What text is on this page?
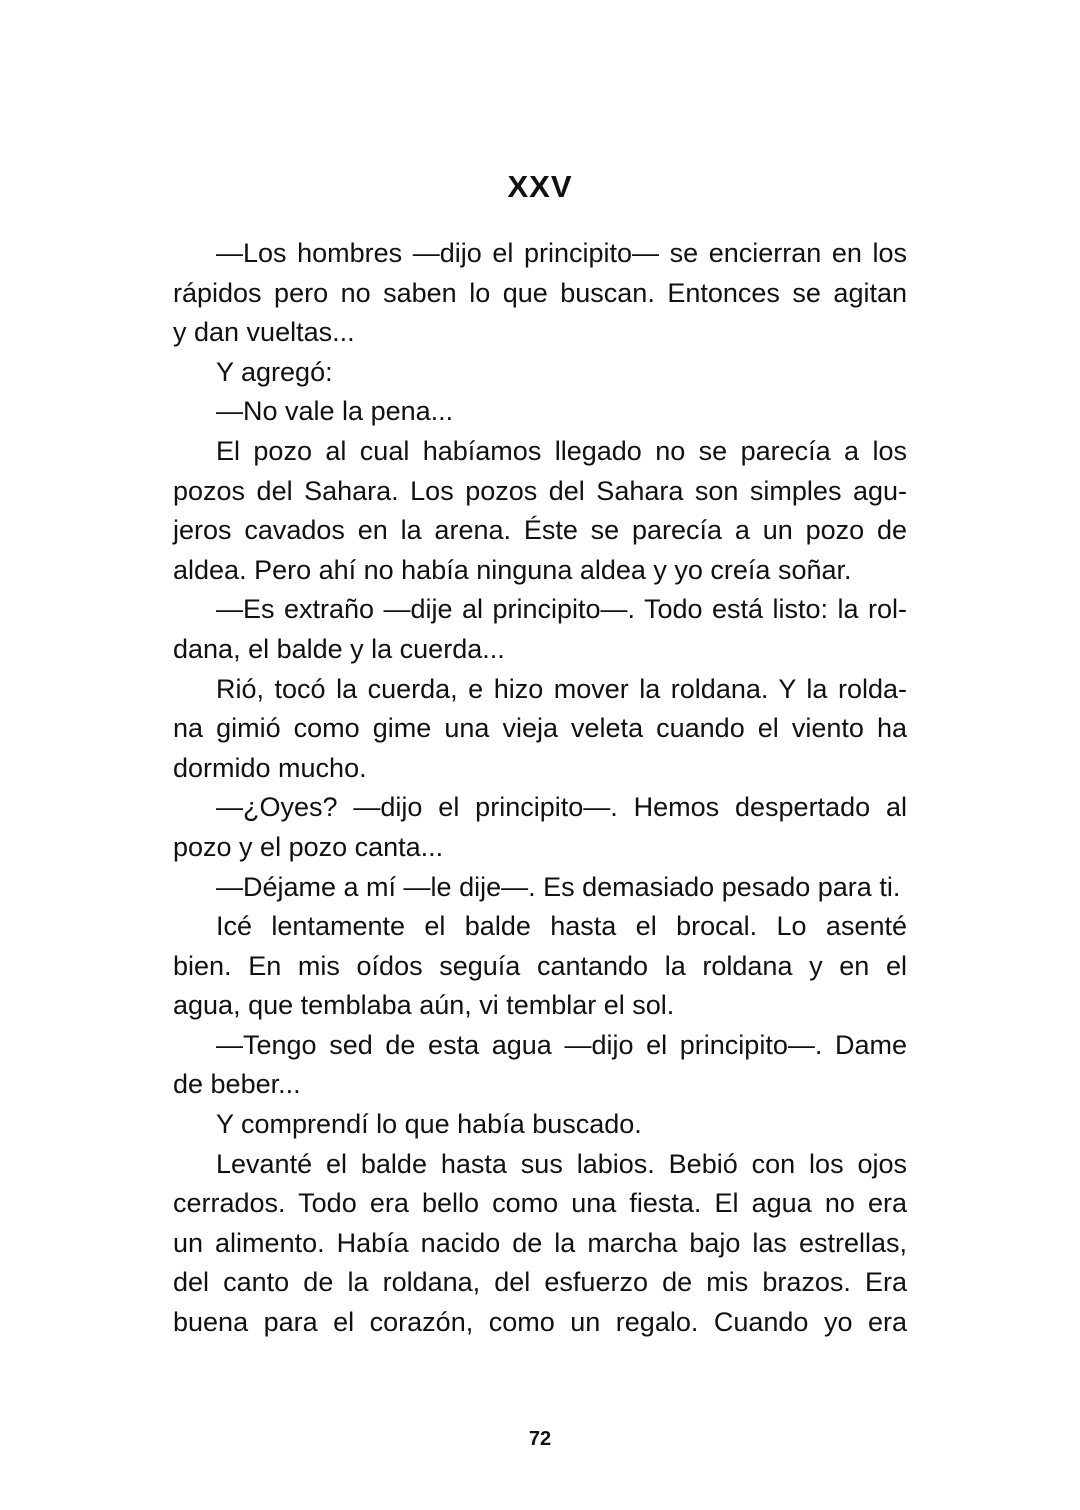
XXV
—Los hombres —dijo el principito— se encierran en los
rápidos pero no saben lo que buscan. Entonces se agitan
y dan vueltas...
Y agregó:
—No vale la pena...
El pozo al cual habíamos llegado no se parecía a los
pozos del Sahara. Los pozos del Sahara son simples agu-
jeros cavados en la arena. Éste se parecía a un pozo de
aldea. Pero ahí no había ninguna aldea y yo creía soñar.
—Es extraño —dije al principito—. Todo está listo: la rol-
dana, el balde y la cuerda...
Rió, tocó la cuerda, e hizo mover la roldana. Y la rolda-
na gimió como gime una vieja veleta cuando el viento ha
dormido mucho.
—¿Oyes? —dijo el principito—. Hemos despertado al
pozo y el pozo canta...
—Déjame a mí —le dije—. Es demasiado pesado para ti.
Icé lentamente el balde hasta el brocal. Lo asenté
bien. En mis oídos seguía cantando la roldana y en el
agua, que temblaba aún, vi temblar el sol.
—Tengo sed de esta agua —dijo el principito—. Dame
de beber...
Y comprendí lo que había buscado.
Levanté el balde hasta sus labios. Bebió con los ojos
cerrados. Todo era bello como una fiesta. El agua no era
un alimento. Había nacido de la marcha bajo las estrellas,
del canto de la roldana, del esfuerzo de mis brazos. Era
buena para el corazón, como un regalo. Cuando yo era
72
